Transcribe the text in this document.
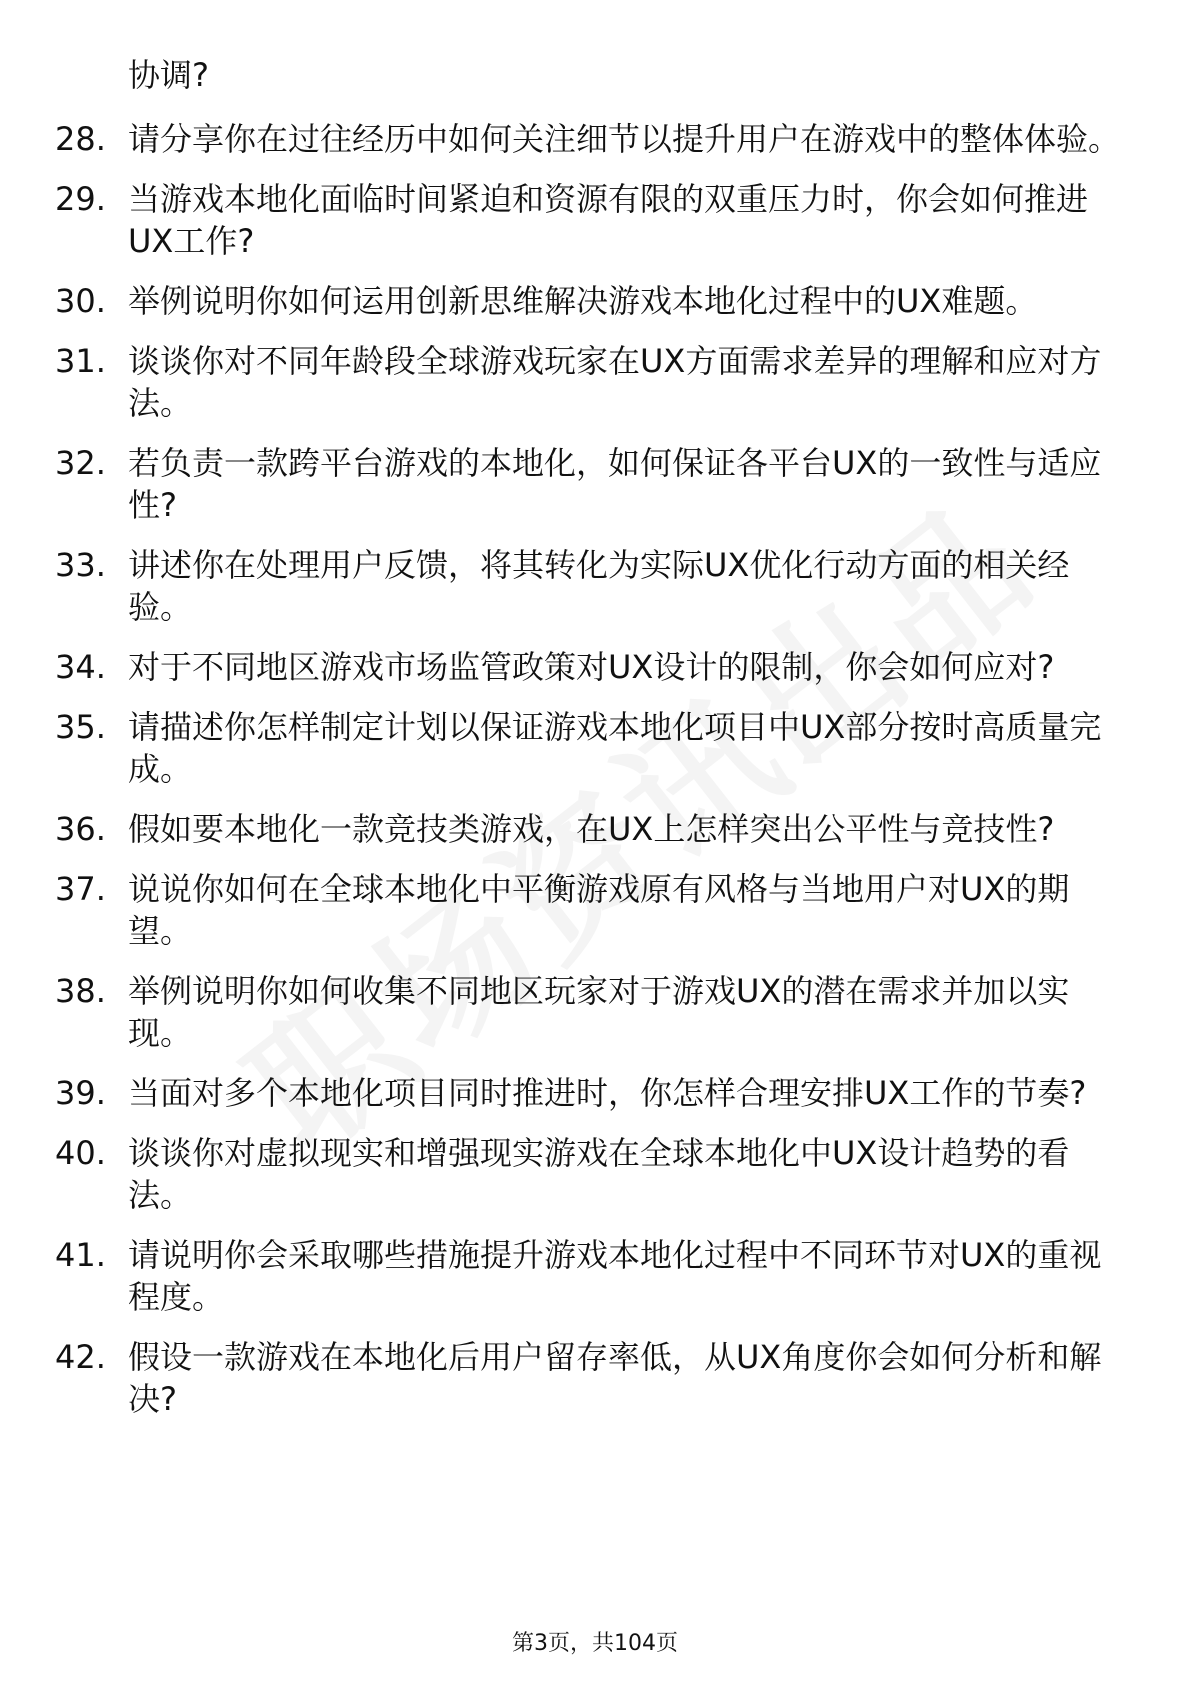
协调?
28. 请分享你在过往经历中如何关注细节以提升用户在游戏中的整体体验。
29. 当游戏本地化面临时间紧迫和资源有限的双重压力时，你会如何推进UX工作?
30. 举例说明你如何运用创新思维解决游戏本地化过程中的UX难题。
31. 谈谈你对不同年龄段全球游戏玩家在UX方面需求差异的理解和应对方法。
32. 若负责一款跨平台游戏的本地化，如何保证各平台UX的一致性与适应性?
33. 讲述你在处理用户反馈，将其转化为实际UX优化行动方面的相关经验。
34. 对于不同地区游戏市场监管政策对UX设计的限制，你会如何应对?
35. 请描述你怎样制定计划以保证游戏本地化项目中UX部分按时高质量完成。
36. 假如要本地化一款竞技类游戏，在UX上怎样突出公平性与竞技性?
37. 说说你如何在全球本地化中平衡游戏原有风格与当地用户对UX的期望。
38. 举例说明你如何收集不同地区玩家对于游戏UX的潜在需求并加以实现。
39. 当面对多个本地化项目同时推进时，你怎样合理安排UX工作的节奏?
40. 谈谈你对虚拟现实和增强现实游戏在全球本地化中UX设计趋势的看法。
41. 请说明你会采取哪些措施提升游戏本地化过程中不同环节对UX的重视程度。
42. 假设一款游戏在本地化后用户留存率低，从UX角度你会如何分析和解决?
第3页，共104页
